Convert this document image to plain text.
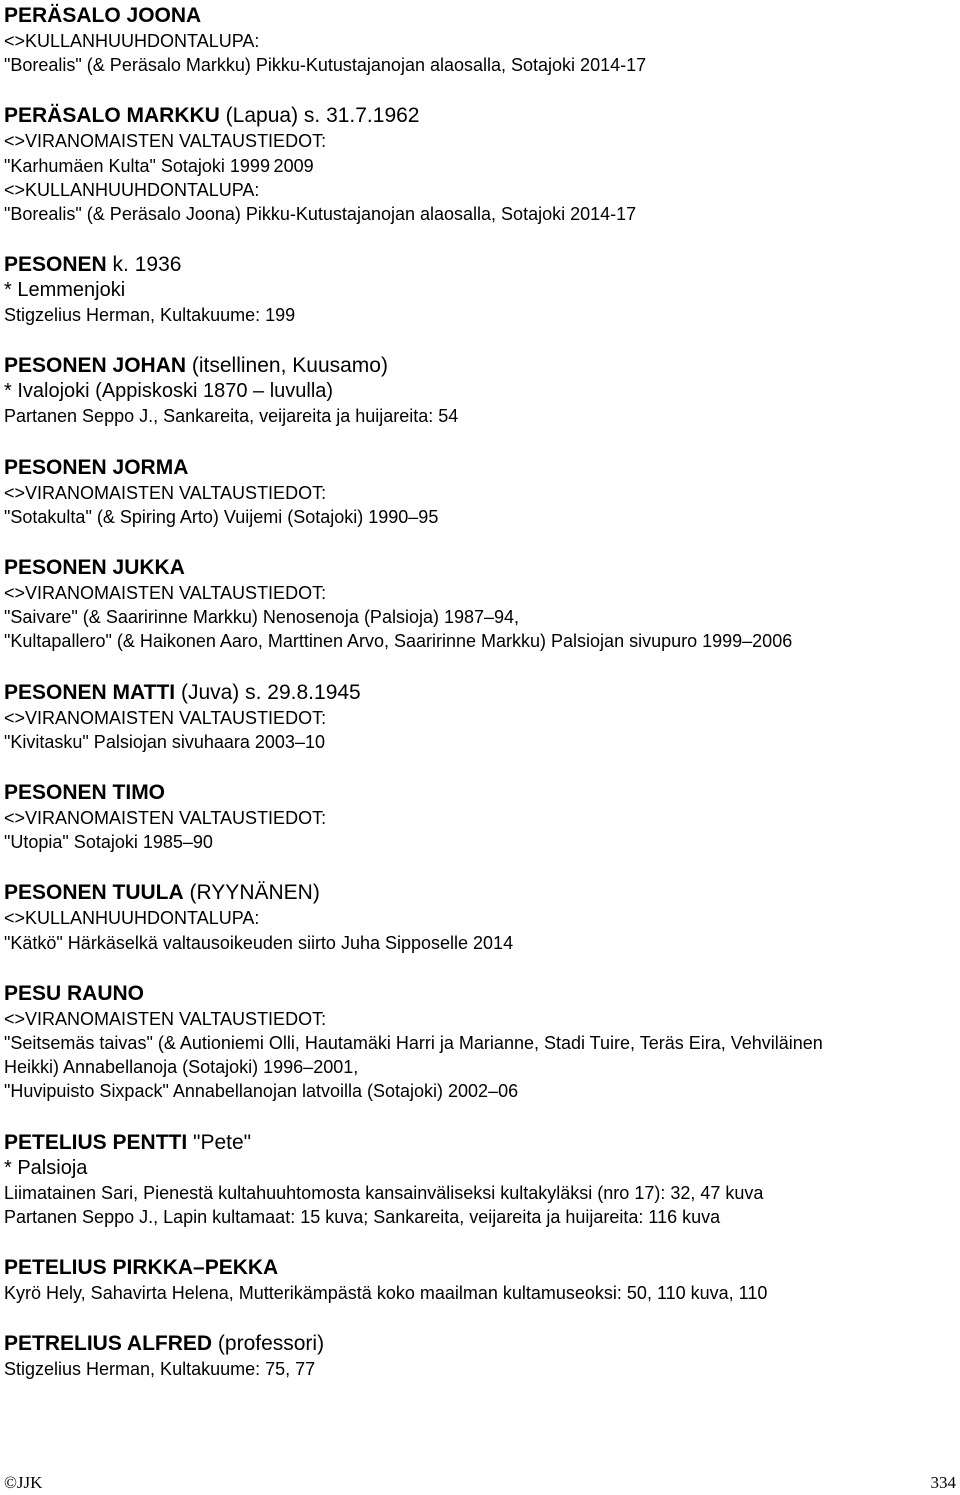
PERÄSALO JOONA
<>KULLANHUUHDONTALUPA:
"Borealis" (& Peräsalo Markku) Pikku-Kutustajanojan alaosalla, Sotajoki 2014-17
PERÄSALO MARKKU (Lapua) s. 31.7.1962
<>VIRANOMAISTEN VALTAUSTIEDOT:
"Karhumäen Kulta" Sotajoki 1999 2009
<>KULLANHUUHDONTALUPA:
"Borealis" (& Peräsalo Joona) Pikku-Kutustajanojan alaosalla, Sotajoki 2014-17
PESONEN k. 1936
* Lemmenjoki
Stigzelius Herman, Kultakuume: 199
PESONEN JOHAN (itsellinen, Kuusamo)
* Ivalojoki (Appiskoski 1870 – luvulla)
Partanen Seppo J., Sankareita, veijareita ja huijareita: 54
PESONEN JORMA
<>VIRANOMAISTEN VALTAUSTIEDOT:
"Sotakulta" (& Spiring Arto) Vuijemi (Sotajoki) 1990–95
PESONEN JUKKA
<>VIRANOMAISTEN VALTAUSTIEDOT:
"Saivare" (& Saaririnne Markku) Nenosenoja (Palsioja) 1987–94,
"Kultapallero" (& Haikonen Aaro, Marttinen Arvo, Saaririnne Markku) Palsiojan sivupuro 1999–2006
PESONEN MATTI (Juva) s. 29.8.1945
<>VIRANOMAISTEN VALTAUSTIEDOT:
"Kivitasku" Palsiojan sivuhaara 2003–10
PESONEN TIMO
<>VIRANOMAISTEN VALTAUSTIEDOT:
"Utopia" Sotajoki 1985–90
PESONEN TUULA (RYYNÄNEN)
<>KULLANHUUHDONTALUPA:
"Kätkö" Härkäselkä valtausoikeuden siirto Juha Sipposelle 2014
PESU RAUNO
<>VIRANOMAISTEN VALTAUSTIEDOT:
"Seitsemäs taivas" (& Autioniemi Olli, Hautamäki Harri ja Marianne, Stadi Tuire, Teräs Eira, Vehviläinen
Heikki) Annabellanoja (Sotajoki) 1996–2001,
"Huvipuisto Sixpack" Annabellanojan latvoilla (Sotajoki) 2002–06
PETELIUS PENTTI "Pete"
* Palsioja
Liimatainen Sari, Pienestä kultahuuhtomosta kansainväliseksi kultakyläksi (nro 17): 32, 47 kuva
Partanen Seppo J., Lapin kultamaat: 15 kuva; Sankareita, veijareita ja huijareita: 116 kuva
PETELIUS PIRKKA–PEKKA
Kyrö Hely, Sahavirta Helena, Mutterikämpästä koko maailman kultamuseoksi: 50, 110 kuva, 110
PETRELIUS ALFRED (professori)
Stigzelius Herman, Kultakuume: 75, 77
©JJK	334
